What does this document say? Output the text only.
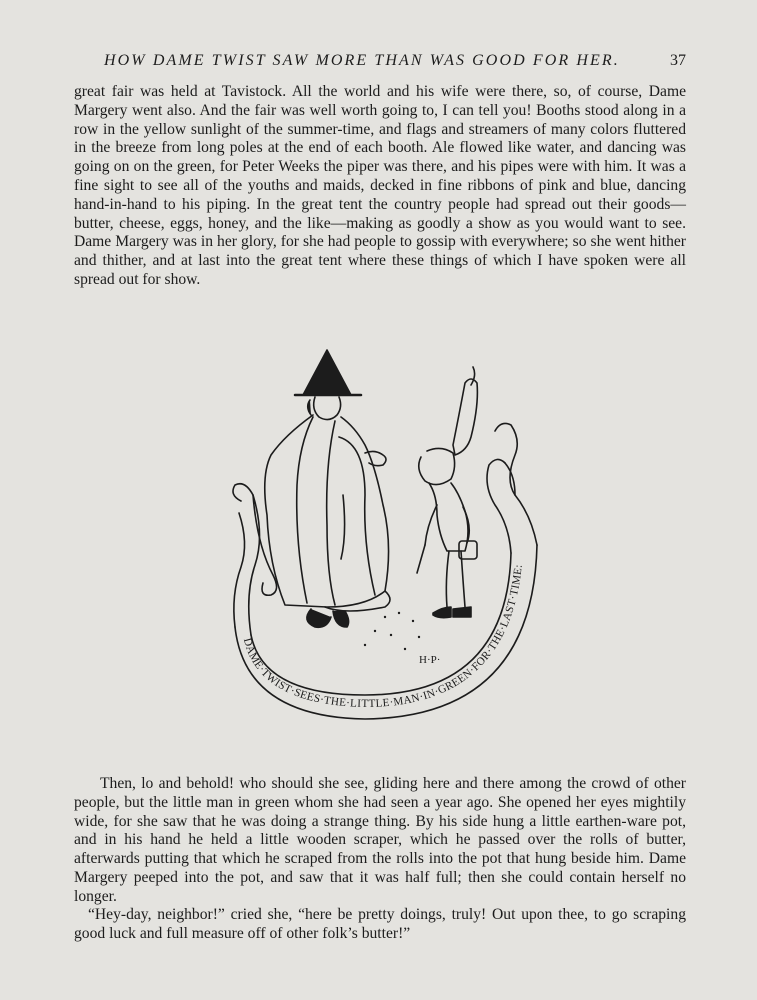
HOW DAME TWIST SAW MORE THAN WAS GOOD FOR HER.	37

great fair was held at Tavistock. All the world and his wife were there, so, of course, Dame Margery went also. And the fair was well worth going to, I can tell you! Booths stood along in a row in the yellow sunlight of the summer-time, and flags and streamers of many colors fluttered in the breeze from long poles at the end of each booth. Ale flowed like water, and dancing was going on on the green, for Peter Weeks the piper was there, and his pipes were with him. It was a fine sight to see all of the youths and maids, decked in fine ribbons of pink and blue, dancing hand-in-hand to his piping. In the great tent the country people had spread out their goods—butter, cheese, eggs, honey, and the like—making as goodly a show as you would want to see. Dame Margery was in her glory, for she had people to gossip with everywhere; so she went hither and thither, and at last into the great tent where these things of which I have spoken were all spread out for show.

H·P·
DAME·TWIST·SEES·THE·LITTLE·MAN·IN·GREEN·FOR·THE·LAST·TIME:

Then, lo and behold! who should she see, gliding here and there among the crowd of other people, but the little man in green whom she had seen a year ago. She opened her eyes mightily wide, for she saw that he was doing a strange thing. By his side hung a little earthen-ware pot, and in his hand he held a little wooden scraper, which he passed over the rolls of butter, afterwards putting that which he scraped from the rolls into the pot that hung beside him. Dame Margery peeped into the pot, and saw that it was half full; then she could contain herself no longer.

“Hey-day, neighbor!” cried she, “here be pretty doings, truly! Out upon thee, to go scraping good luck and full measure off of other folk’s butter!”
